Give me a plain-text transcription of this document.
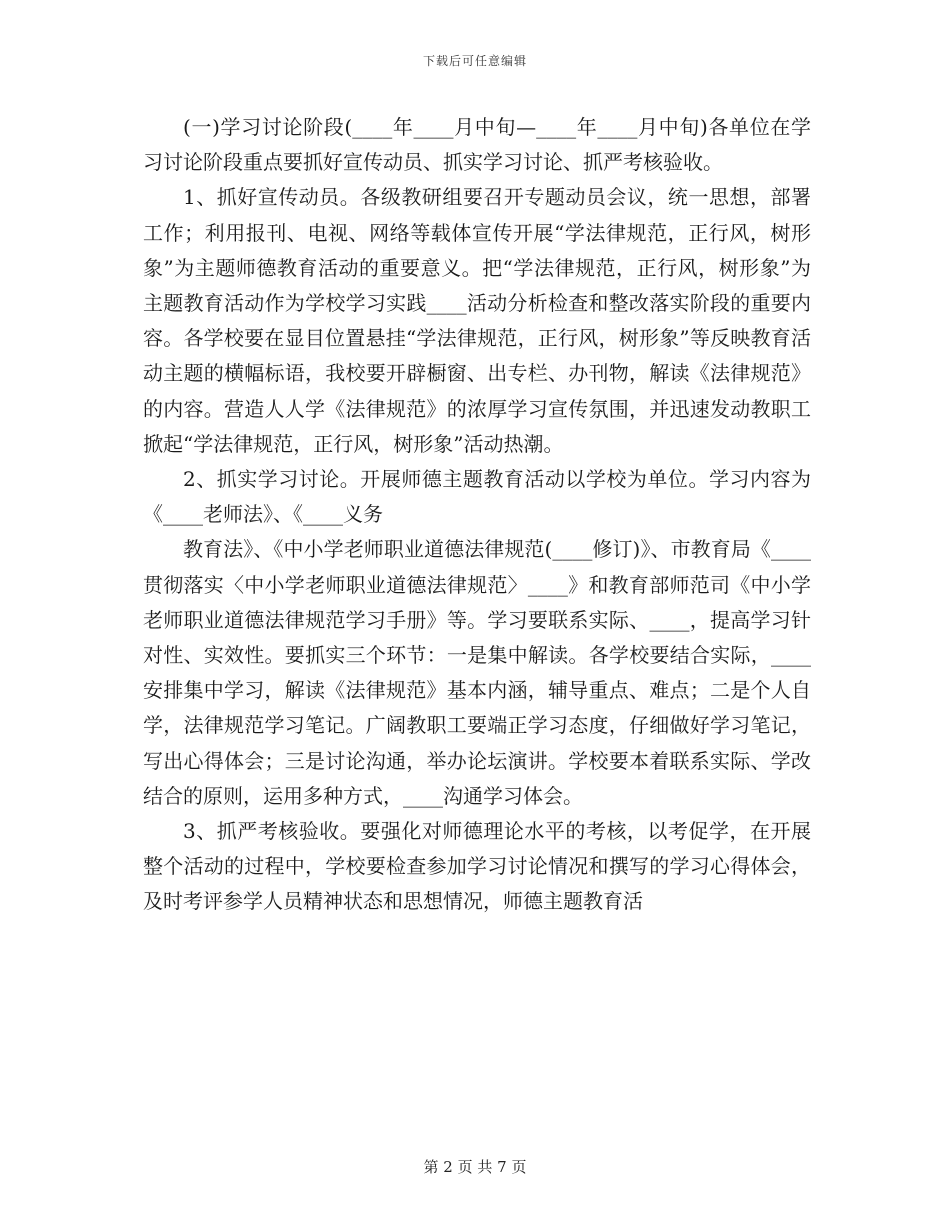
下载后可任意编辑

(一)学习讨论阶段(____年____月中旬—____年____月中旬)各单位在学习讨论阶段重点要抓好宣传动员、抓实学习讨论、抓严考核验收。

1、抓好宣传动员。各级教研组要召开专题动员会议，统一思想，部署工作；利用报刊、电视、网络等载体宣传开展“学法律规范，正行风，树形象”为主题师德教育活动的重要意义。把“学法律规范，正行风，树形象”为主题教育活动作为学校学习实践____活动分析检查和整改落实阶段的重要内容。各学校要在显目位置悬挂“学法律规范，正行风，树形象”等反映教育活动主题的横幅标语，我校要开辟橱窗、出专栏、办刊物，解读《法律规范》的内容。营造人人学《法律规范》的浓厚学习宣传氛围，并迅速发动教职工掀起“学法律规范，正行风，树形象”活动热潮。

2、抓实学习讨论。开展师德主题教育活动以学校为单位。学习内容为《____老师法》、《____义务

教育法》、《中小学老师职业道德法律规范(____修订)》、市教育局《____贯彻落实〈中小学老师职业道德法律规范〉____》和教育部师范司《中小学老师职业道德法律规范学习手册》等。学习要联系实际、____，提高学习针对性、实效性。要抓实三个环节：一是集中解读。各学校要结合实际，____安排集中学习，解读《法律规范》基本内涵，辅导重点、难点；二是个人自学，法律规范学习笔记。广阔教职工要端正学习态度，仔细做好学习笔记，写出心得体会；三是讨论沟通，举办论坛演讲。学校要本着联系实际、学改结合的原则，运用多种方式，____沟通学习体会。

3、抓严考核验收。要强化对师德理论水平的考核，以考促学，在开展整个活动的过程中，学校要检查参加学习讨论情况和撰写的学习心得体会，及时考评参学人员精神状态和思想情况，师德主题教育活

第 2 页 共 7 页
